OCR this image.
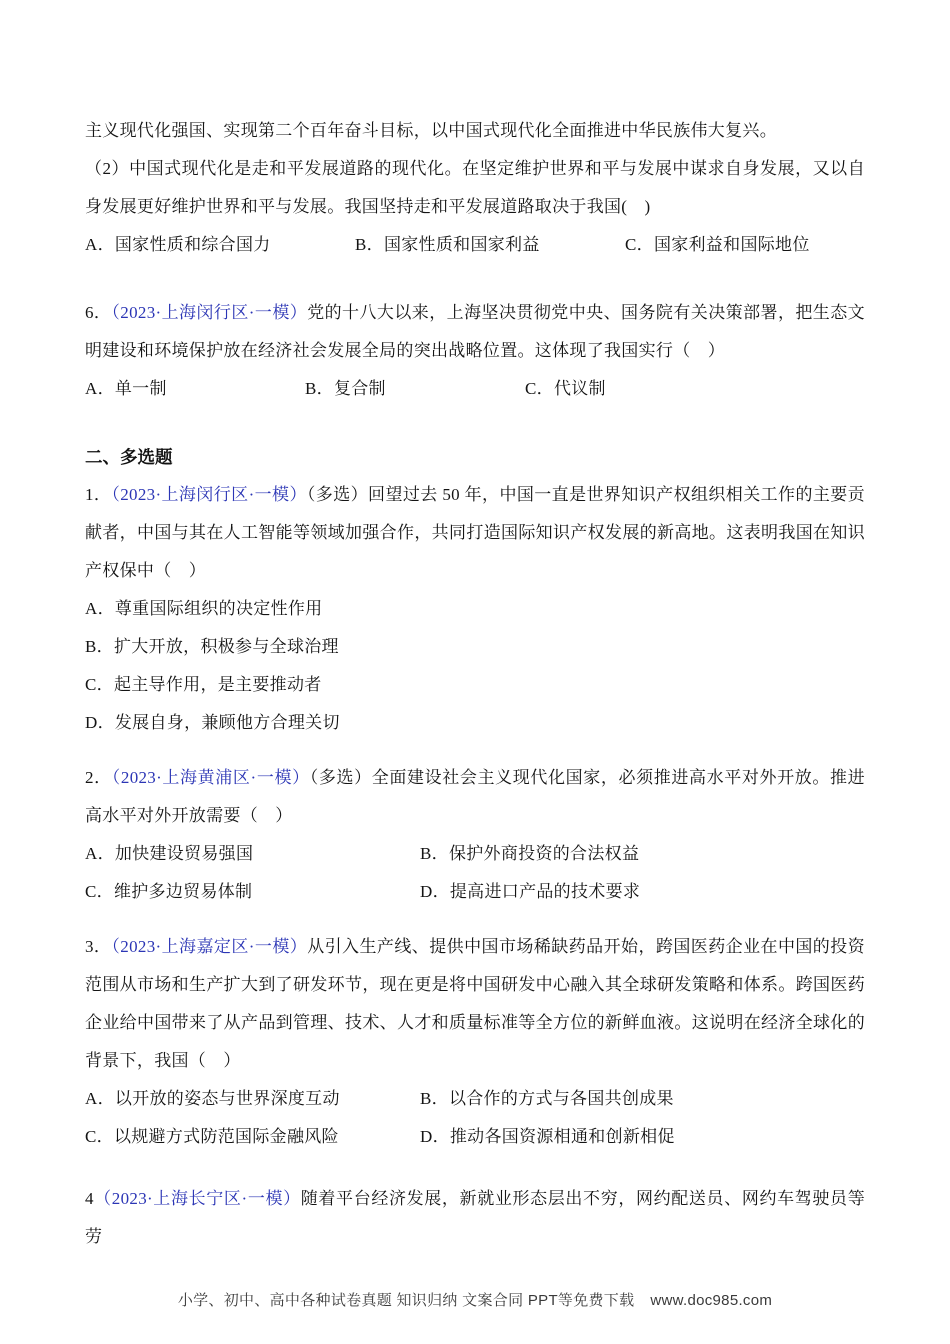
主义现代化强国、实现第二个百年奋斗目标，以中国式现代化全面推进中华民族伟大复兴。

（2）中国式现代化是走和平发展道路的现代化。在坚定维护世界和平与发展中谋求自身发展，又以自身发展更好维护世界和平与发展。我国坚持走和平发展道路取决于我国(　)

A．国家性质和综合国力	B．国家性质和国家利益	C．国家利益和国际地位

6．（2023·上海闵行区·一模）党的十八大以来，上海坚决贯彻党中央、国务院有关决策部署，把生态文明建设和环境保护放在经济社会发展全局的突出战略位置。这体现了我国实行（　）

A．单一制	B．复合制	C．代议制
二、多选题

1．（2023·上海闵行区·一模）（多选）回望过去 50 年，中国一直是世界知识产权组织相关工作的主要贡献者，中国与其在人工智能等领域加强合作，共同打造国际知识产权发展的新高地。这表明我国在知识产权保中（　）

A．尊重国际组织的决定性作用

B．扩大开放，积极参与全球治理

C．起主导作用，是主要推动者

D．发展自身，兼顾他方合理关切

2．（2023·上海黄浦区·一模）（多选）全面建设社会主义现代化国家，必须推进高水平对外开放。推进高水平对外开放需要（　）

A．加快建设贸易强国	B．保护外商投资的合法权益
C．维护多边贸易体制	D．提高进口产品的技术要求

3．（2023·上海嘉定区·一模）从引入生产线、提供中国市场稀缺药品开始，跨国医药企业在中国的投资范围从市场和生产扩大到了研发环节，现在更是将中国研发中心融入其全球研发策略和体系。跨国医药企业给中国带来了从产品到管理、技术、人才和质量标准等全方位的新鲜血液。这说明在经济全球化的背景下，我国（　）

A．以开放的姿态与世界深度互动	B．以合作的方式与各国共创成果
C．以规避方式防范国际金融风险	D．推动各国资源相通和创新相促

4（2023·上海长宁区·一模）随着平台经济发展，新就业形态层出不穷，网约配送员、网约车驾驶员等劳

小学、初中、高中各种试卷真题 知识归纳 文案合同 PPT等免费下载 www.doc985.com
